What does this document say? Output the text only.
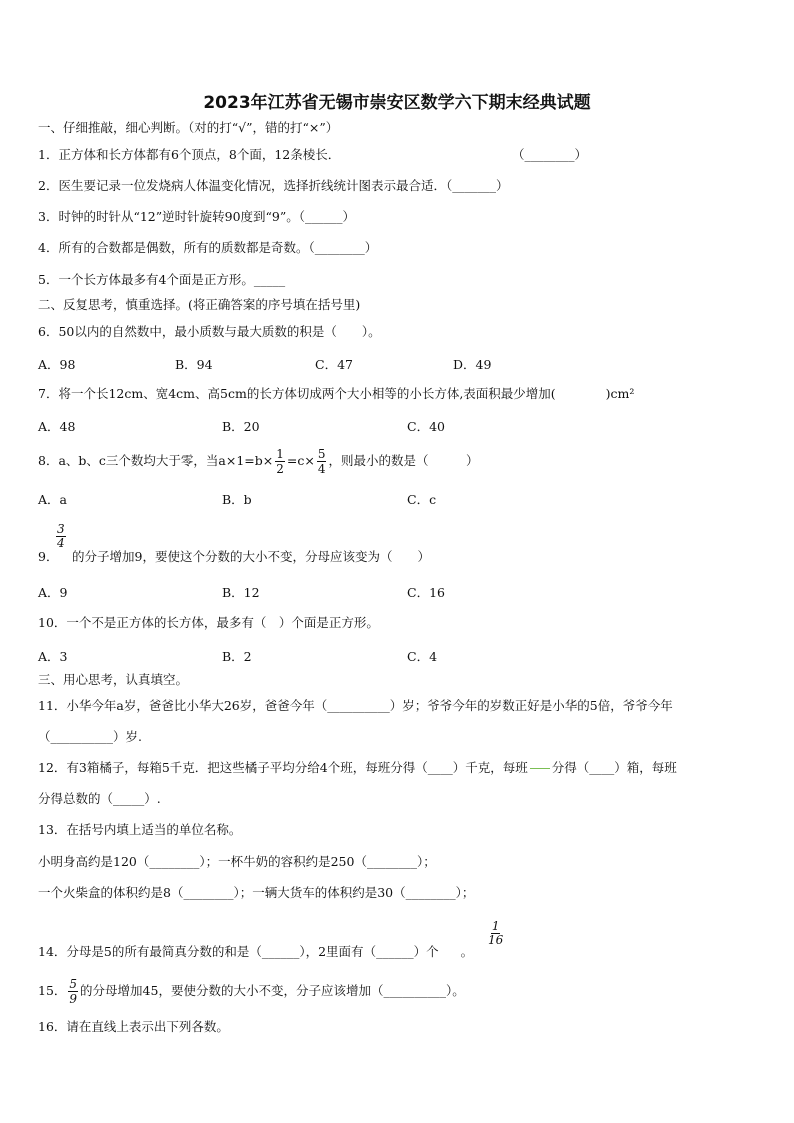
2023年江苏省无锡市崇安区数学六下期末经典试题
一、仔细推敲，细心判断。（对的打“√”，错的打“×”）
1．正方体和长方体都有6个顶点，8个面，12条棱长．	（________）
2．医生要记录一位发烧病人体温变化情况，选择折线统计图表示最合适．（_______）
3．时钟的时针从“12”逆时针旋转90度到“9”。（______）
4．所有的合数都是偶数，所有的质数都是奇数。（________）
5．一个长方体最多有4个面是正方形。_____
二、反复思考，慎重选择。(将正确答案的序号填在括号里)
6．50以内的自然数中，最小质数与最大质数的积是（　　）。
A．98	B．94	C．47	D．49
7．将一个长12cm、宽4cm、高5cm的长方体切成两个大小相等的小长方体,表面积最少增加(　　　　)cm²
A．48	B．20	C．40
8．a、b、c三个数均大于零，当$a\times 1=b\times \frac{1}{2} =c\times \frac{5}{4}$ ，则最小的数是（　　　）
A．a	B．b	C．c
9．
$\frac{3}{4}$
的分子增加9，要使这个分数的大小不变，分母应该变为（　　）
A．9	B．12	C．16
10．一个不是正方体的长方体，最多有（　）个面是正方形。
A．3	B．2	C．4
三、用心思考，认真填空。
11．小华今年a岁，爸爸比小华大26岁，爸爸今年（__________）岁；爷爷今年的岁数正好是小华的5倍，爷爷今年
（__________）岁.
12．有3箱橘子，每箱5千克．把这些橘子平均分给4个班，每班分得（____）千克，每班 分得（____）箱，每班
分得总数的（_____）.
13．在括号内填上适当的单位名称。
小明身高约是120（________）；一杯牛奶的容积约是250（________）；
一个火柴盒的体积约是8（________）；一辆大货车的体积约是30（________）；
14．分母是5的所有最简真分数的和是（______），2里面有（______）个 。
$\frac{1}{16}$
15． $\frac{5}{9}$ 的分母增加45，要使分数的大小不变，分子应该增加（__________）。
16．请在直线上表示出下列各数。
